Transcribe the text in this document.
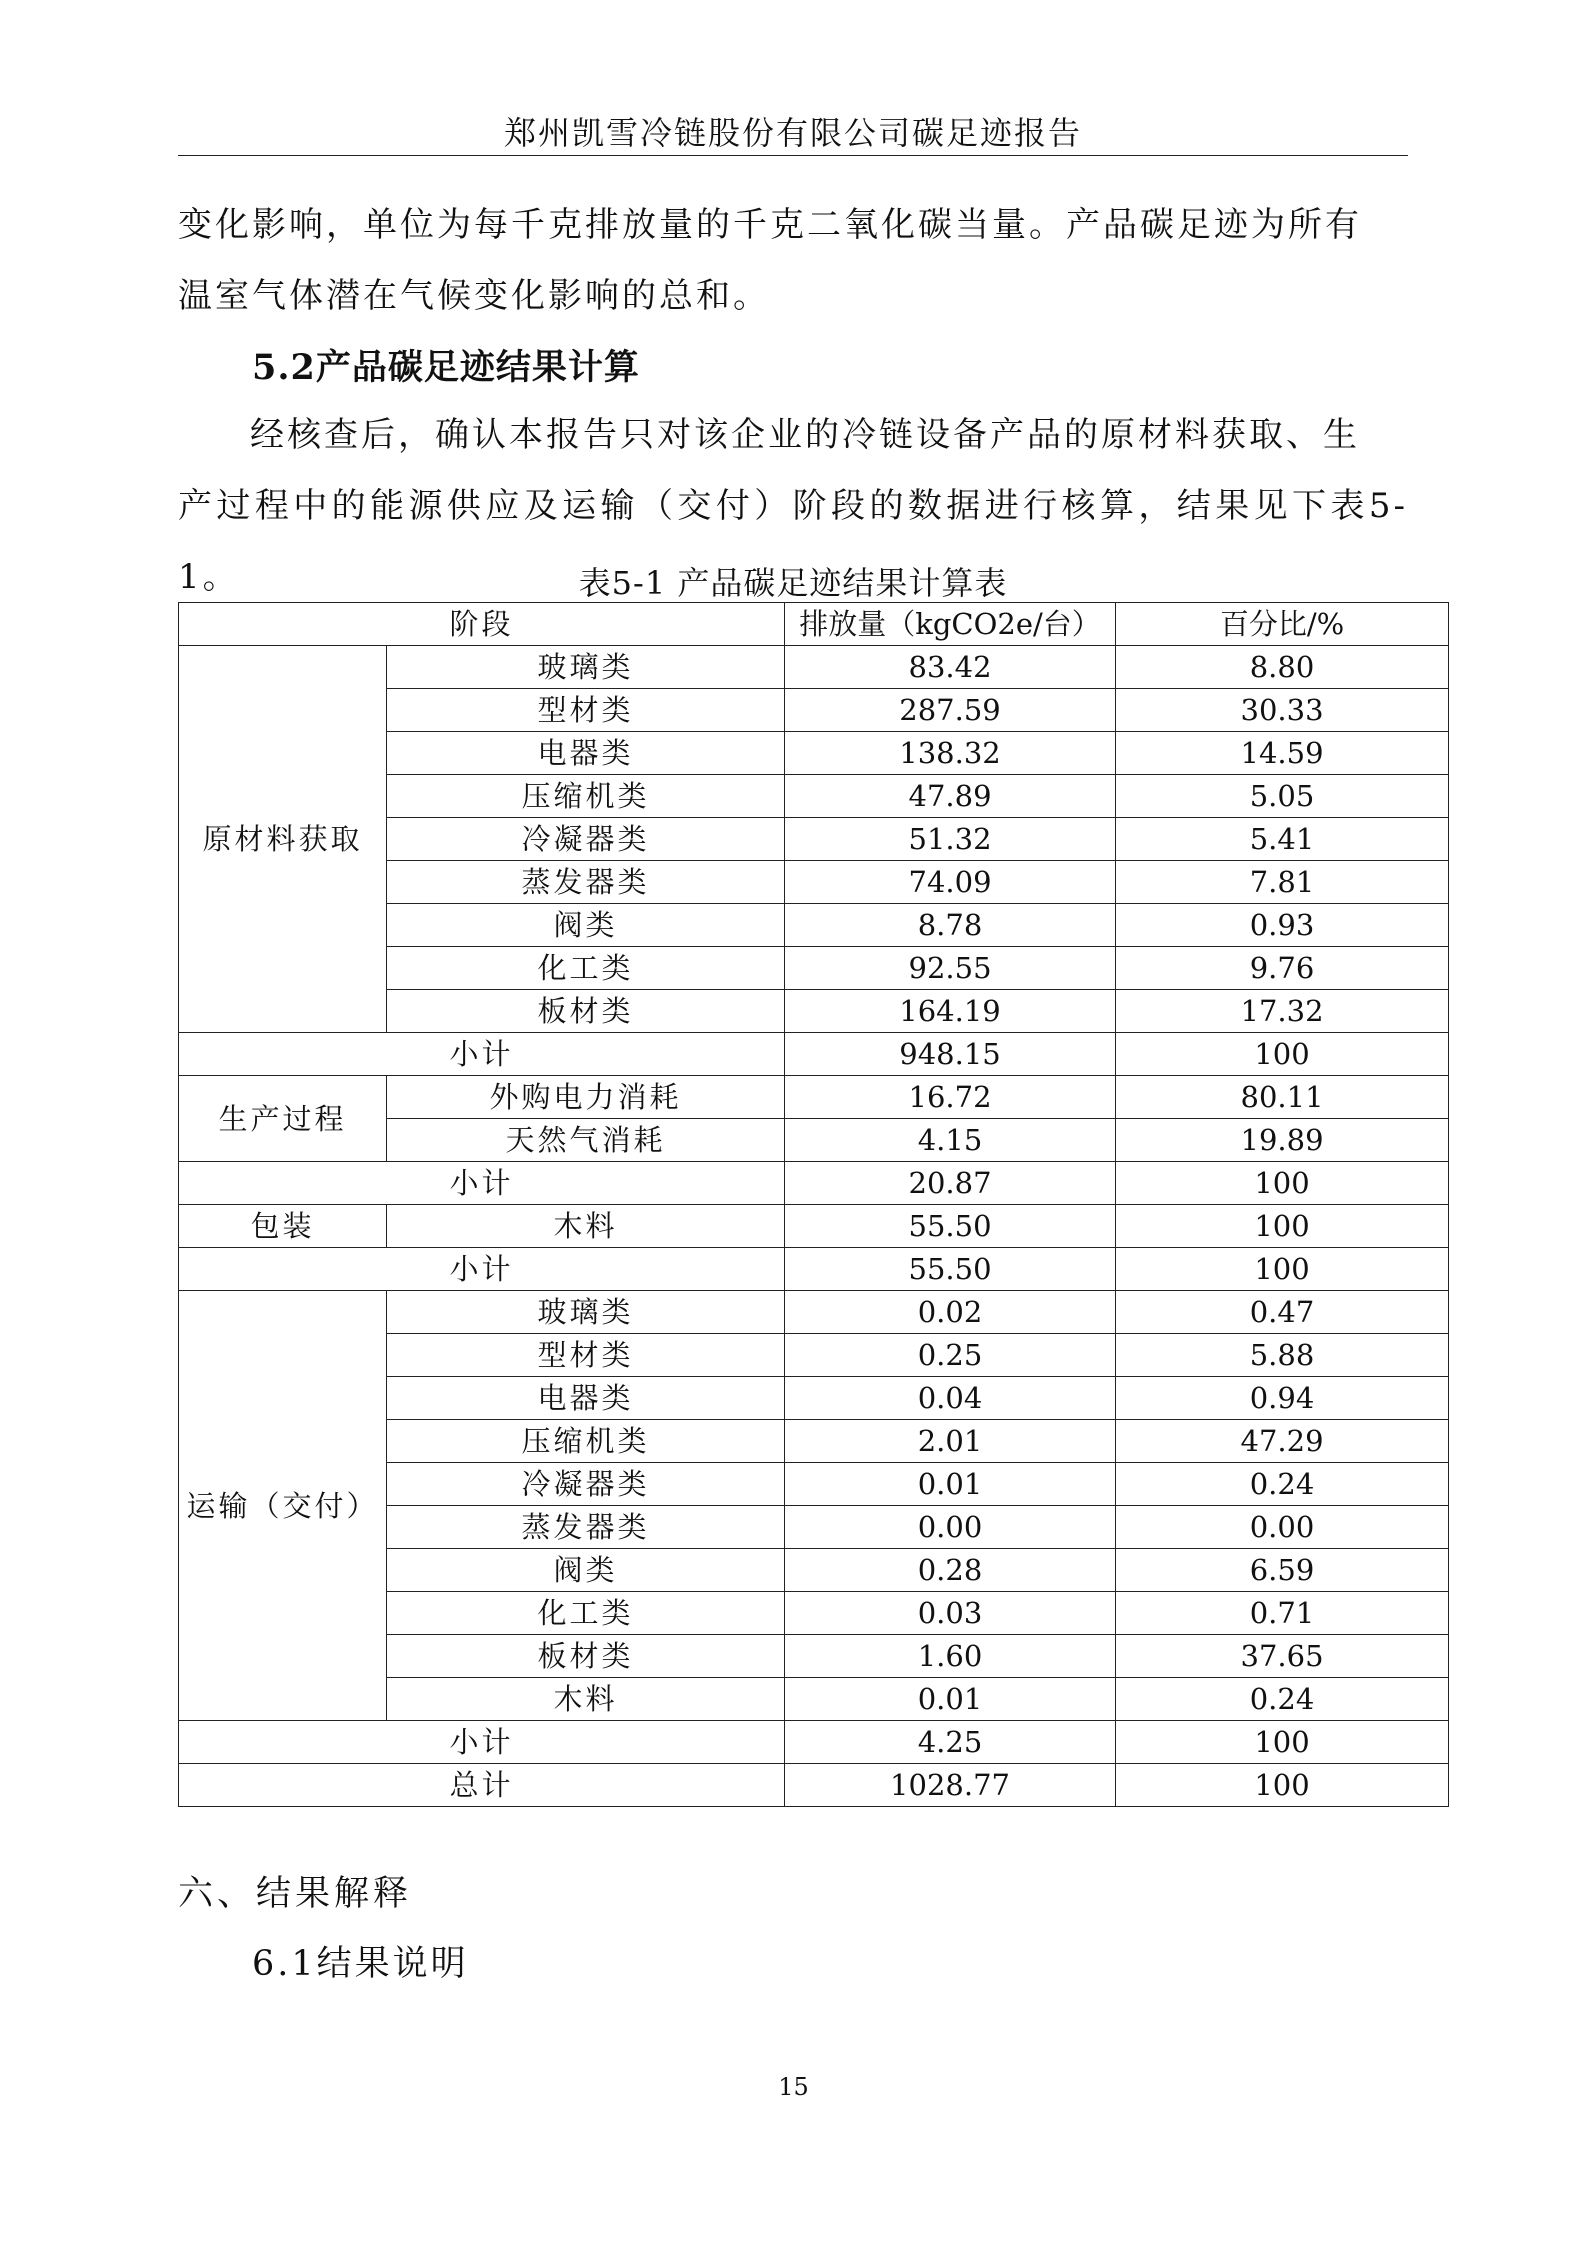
郑州凯雪冷链股份有限公司碳足迹报告
变化影响，单位为每千克排放量的千克二氧化碳当量。产品碳足迹为所有
温室气体潜在气候变化影响的总和。
5.2产品碳足迹结果计算
经核查后，确认本报告只对该企业的冷链设备产品的原材料获取、生
产过程中的能源供应及运输（交付）阶段的数据进行核算，结果见下表5-1。	表5-1 产品碳足迹结果计算表
阶段		排放量（kgCO2e/台）	百分比/%
原材料获取	玻璃类	83.42	8.80
	型材类	287.59	30.33
	电器类	138.32	14.59
	压缩机类	47.89	5.05
	冷凝器类	51.32	5.41
	蒸发器类	74.09	7.81
	阀类	8.78	0.93
	化工类	92.55	9.76
	板材类	164.19	17.32
小计		948.15	100
生产过程	外购电力消耗	16.72	80.11
	天然气消耗	4.15	19.89
小计		20.87	100
包装	木料	55.50	100
小计		55.50	100
运输（交付）	玻璃类	0.02	0.47
	型材类	0.25	5.88
	电器类	0.04	0.94
	压缩机类	2.01	47.29
	冷凝器类	0.01	0.24
	蒸发器类	0.00	0.00
	阀类	0.28	6.59
	化工类	0.03	0.71
	板材类	1.60	37.65
	木料	0.01	0.24
小计		4.25	100
总计		1028.77	100
六、结果解释
6.1结果说明
15
